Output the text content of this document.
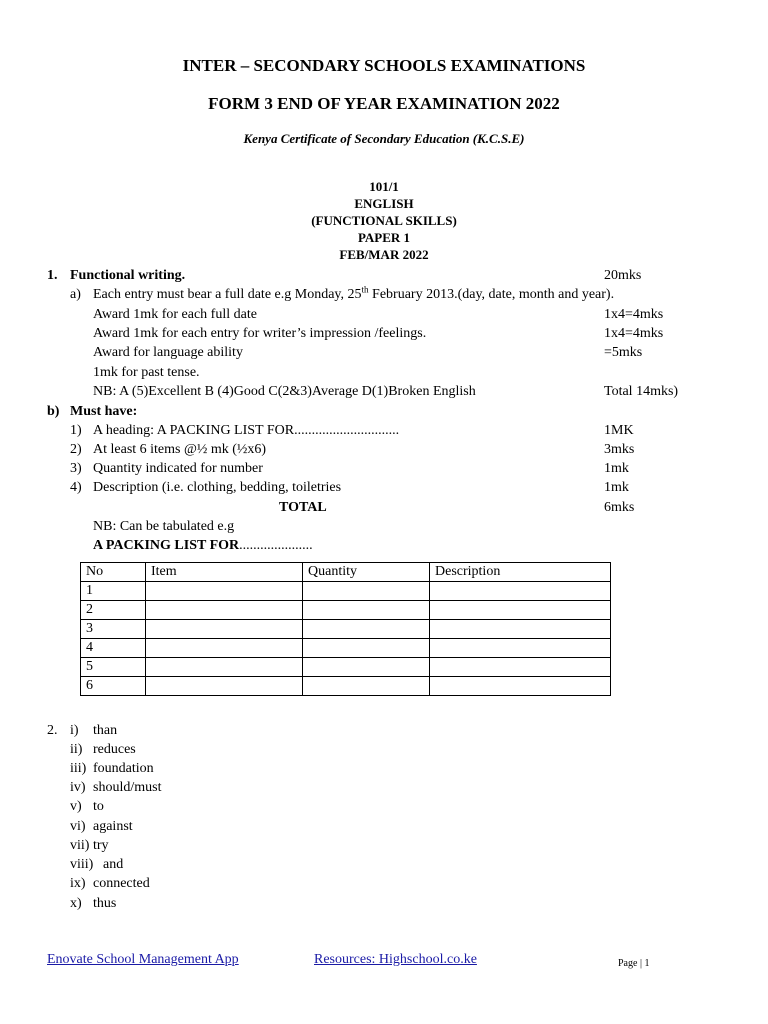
INTER – SECONDARY SCHOOLS EXAMINATIONS
FORM 3 END OF YEAR EXAMINATION 2022
Kenya Certificate of Secondary Education (K.C.S.E)
101/1
ENGLISH
(FUNCTIONAL SKILLS)
PAPER 1
FEB/MAR 2022
1. Functional writing.	20mks
a) Each entry must bear a full date e.g Monday, 25th February 2013.(day, date, month and year).
Award 1mk for each full date	1x4=4mks
Award 1mk for each entry for writer’s impression /feelings.	1x4=4mks
Award for language ability	=5mks
1mk for past tense.
NB: A (5)Excellent B (4)Good C(2&3)Average D(1)Broken English	Total 14mks)
b) Must have:
1) A heading: A PACKING LIST FOR..............................	1MK
2) At least 6 items @½ mk (½x6)	3mks
3) Quantity indicated for number	1mk
4) Description (i.e. clothing, bedding, toiletries	1mk
TOTAL	6mks
NB: Can be tabulated e.g
A PACKING LIST FOR.....................
No	Item	Quantity	Description
1			
2			
3			
4			
5			
6			
2. i) than
ii) reduces
iii) foundation
iv) should/must
v) to
vi) against
vii) try
viii) and
ix) connected
x) thus
Enovate School Management App	Resources: Highschool.co.ke	Page | 1
